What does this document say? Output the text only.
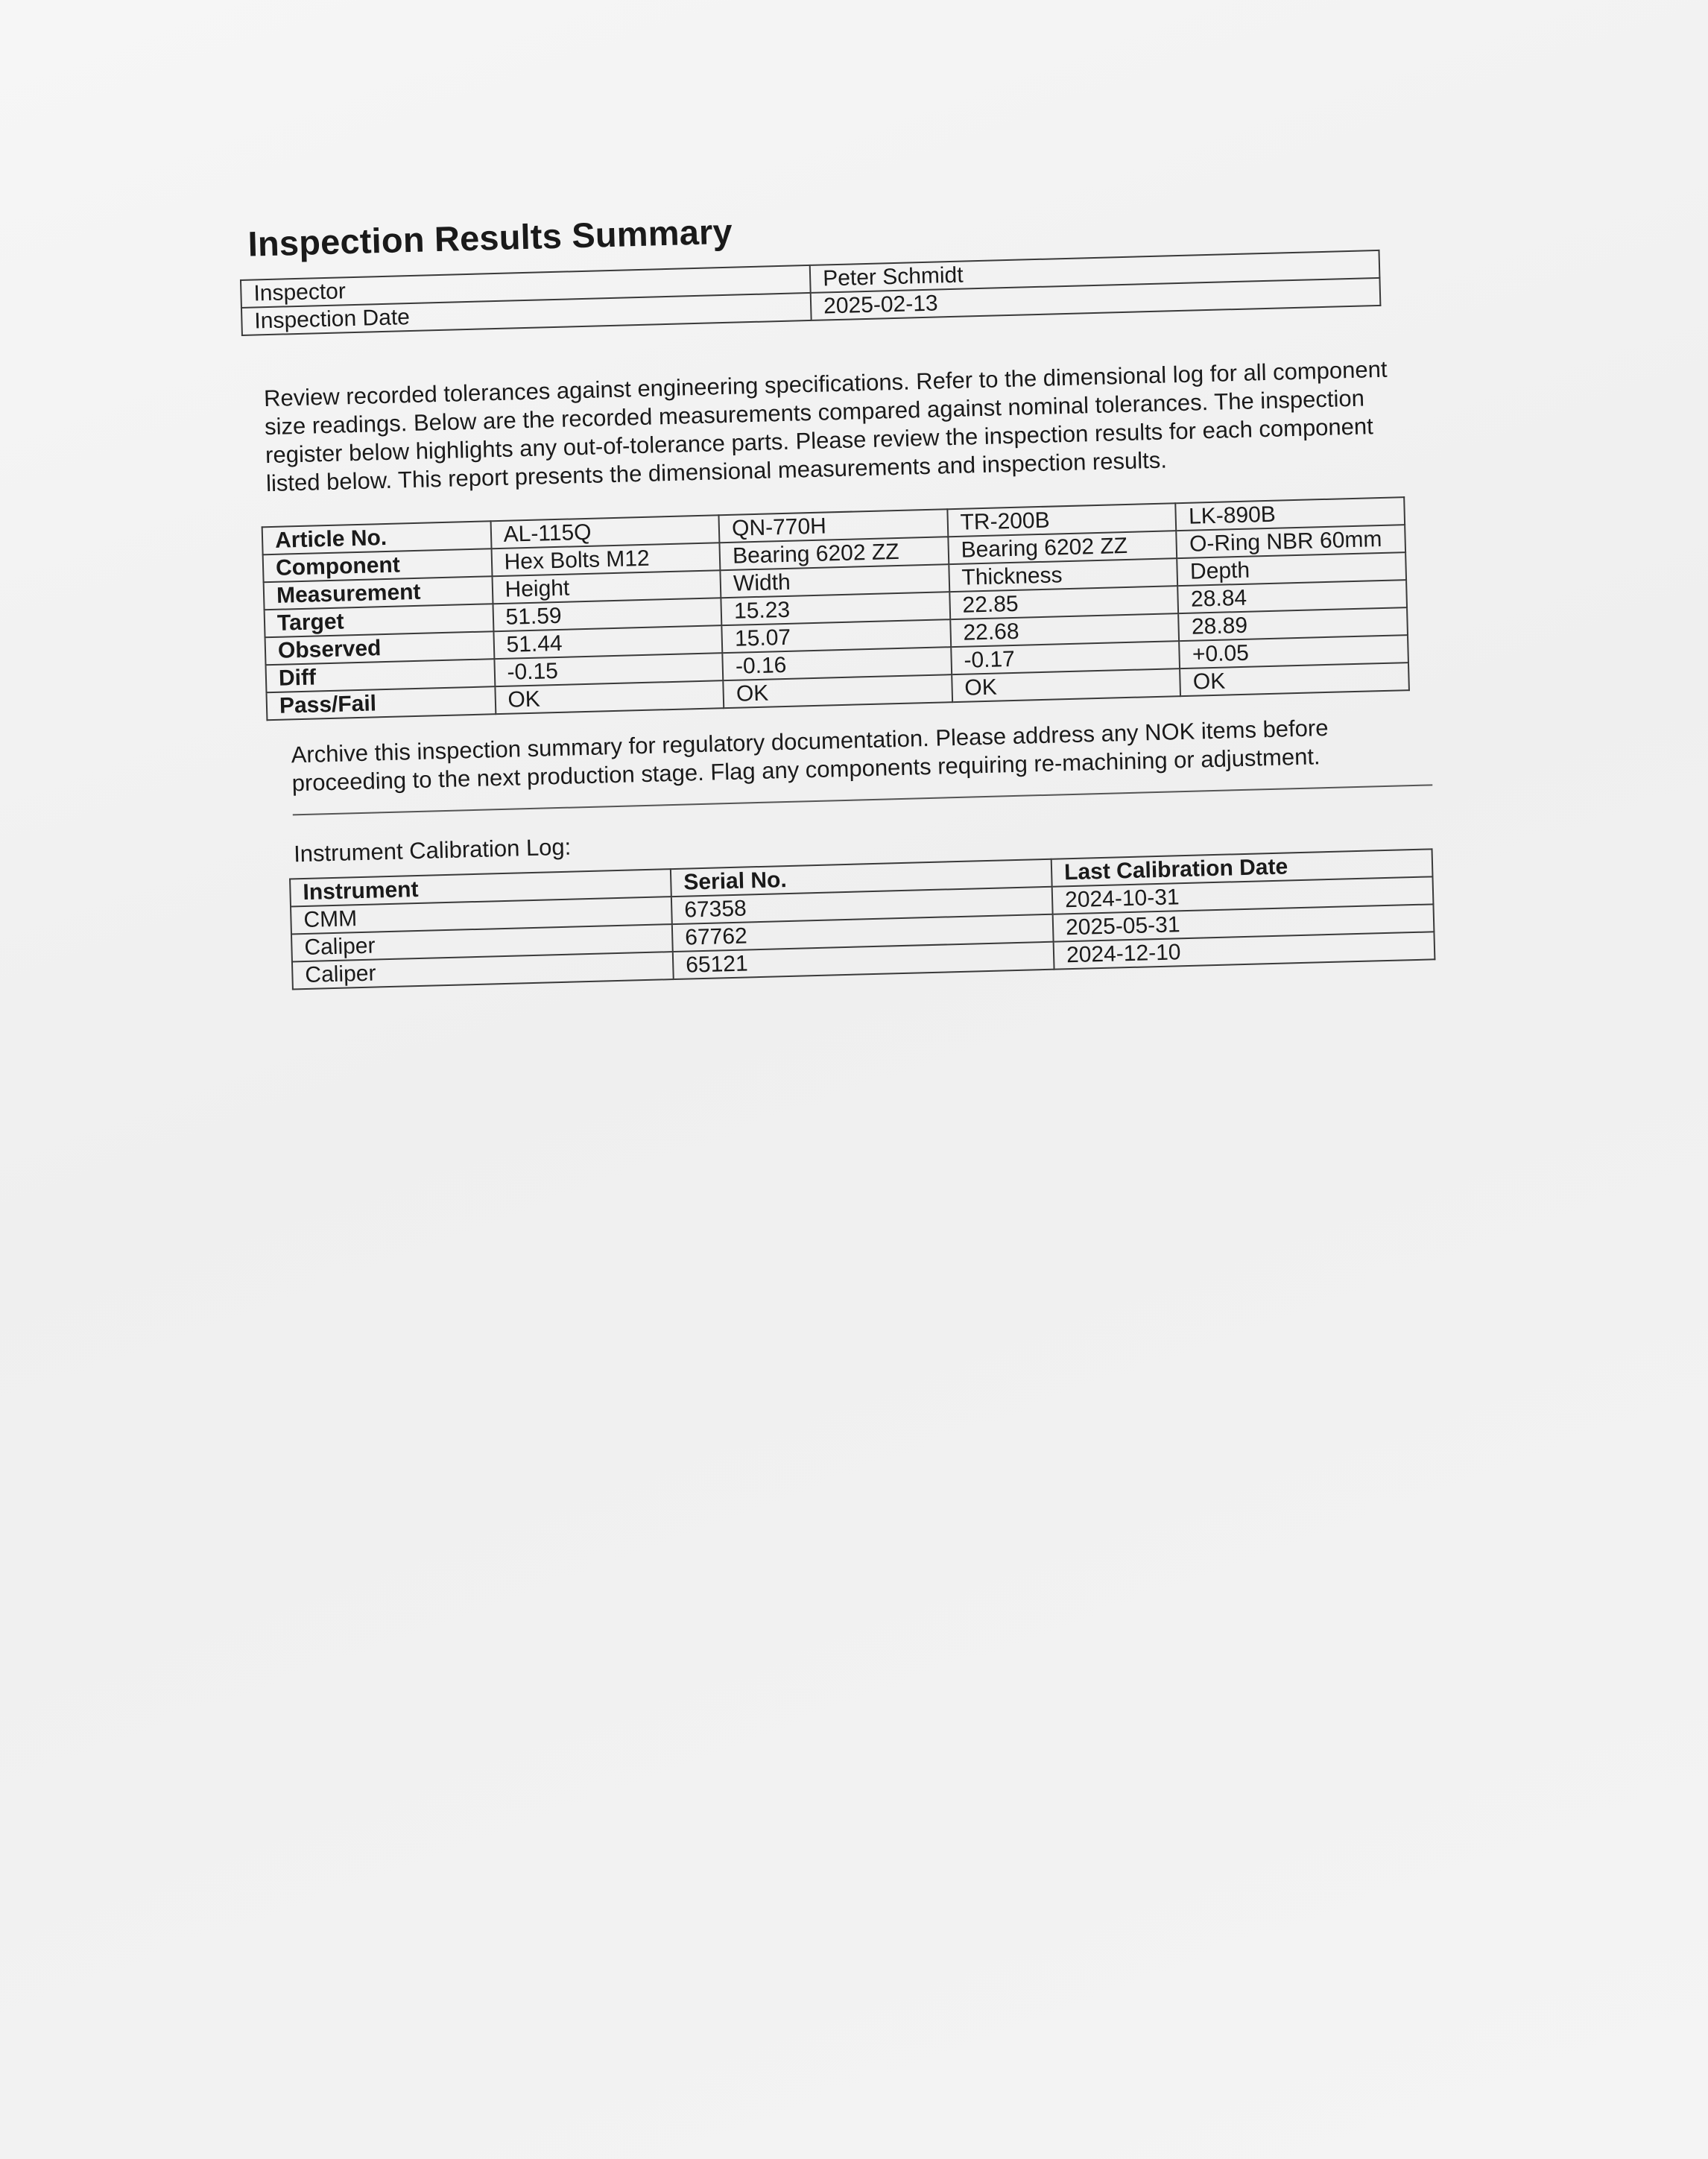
Inspection Results Summary
Inspector	Peter Schmidt
Inspection Date	2025-02-13

Review recorded tolerances against engineering specifications. Refer to the dimensional log for all component size readings. Below are the recorded measurements compared against nominal tolerances. The inspection register below highlights any out-of-tolerance parts. Please review the inspection results for each component listed below. This report presents the dimensional measurements and inspection results.

Article No.	AL-115Q	QN-770H	TR-200B	LK-890B
Component	Hex Bolts M12	Bearing 6202 ZZ	Bearing 6202 ZZ	O-Ring NBR 60mm
Measurement	Height	Width	Thickness	Depth
Target	51.59	15.23	22.85	28.84
Observed	51.44	15.07	22.68	28.89
Diff	-0.15	-0.16	-0.17	+0.05
Pass/Fail	OK	OK	OK	OK

Archive this inspection summary for regulatory documentation. Please address any NOK items before proceeding to the next production stage. Flag any components requiring re-machining or adjustment.

Instrument Calibration Log:
Instrument	Serial No.	Last Calibration Date
CMM	67358	2024-10-31
Caliper	67762	2025-05-31
Caliper	65121	2024-12-10
